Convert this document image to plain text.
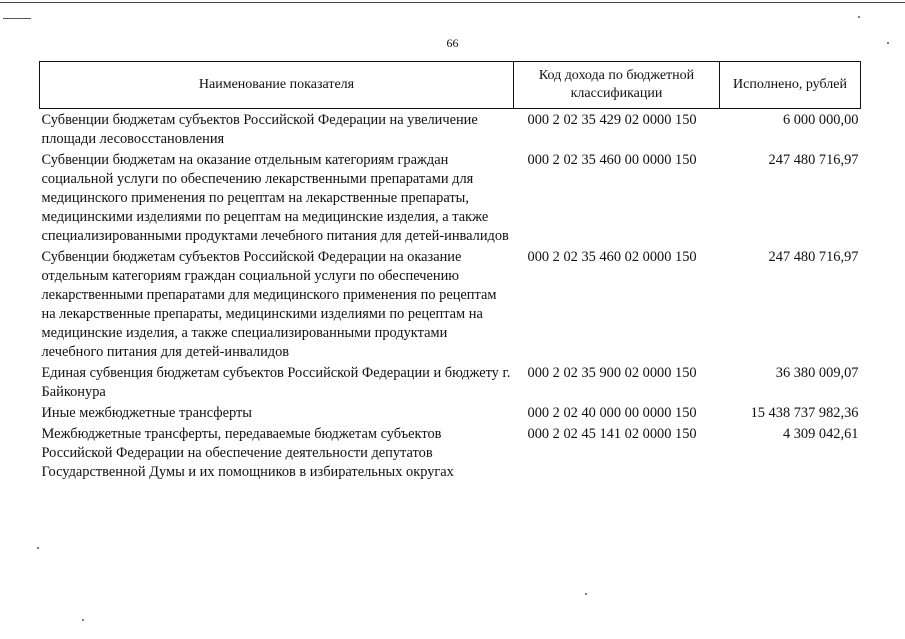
66
Наименование показателя	Код дохода по бюджетной классификации	Исполнено, рублей
Субвенции бюджетам субъектов Российской Федерации на увеличение площади лесовосстановления	000 2 02 35 429 02 0000 150	6 000 000,00
Субвенции бюджетам на оказание отдельным категориям граждан социальной услуги по обеспечению лекарственными препаратами для медицинского применения по рецептам на лекарственные препараты, медицинскими изделиями по рецептам на медицинские изделия, а также специализированными продуктами лечебного питания для детей-инвалидов	000 2 02 35 460 00 0000 150	247 480 716,97
Субвенции бюджетам субъектов Российской Федерации на оказание отдельным категориям граждан социальной услуги по обеспечению лекарственными препаратами для медицинского применения по рецептам на лекарственные препараты, медицинскими изделиями по рецептам на медицинские изделия, а также специализированными продуктами лечебного питания для детей-инвалидов	000 2 02 35 460 02 0000 150	247 480 716,97
Единая субвенция бюджетам субъектов Российской Федерации и бюджету г. Байконура	000 2 02 35 900 02 0000 150	36 380 009,07
Иные межбюджетные трансферты	000 2 02 40 000 00 0000 150	15 438 737 982,36
Межбюджетные трансферты, передаваемые бюджетам субъектов Российской Федерации на обеспечение деятельности депутатов Государственной Думы и их помощников в избирательных округах	000 2 02 45 141 02 0000 150	4 309 042,61
